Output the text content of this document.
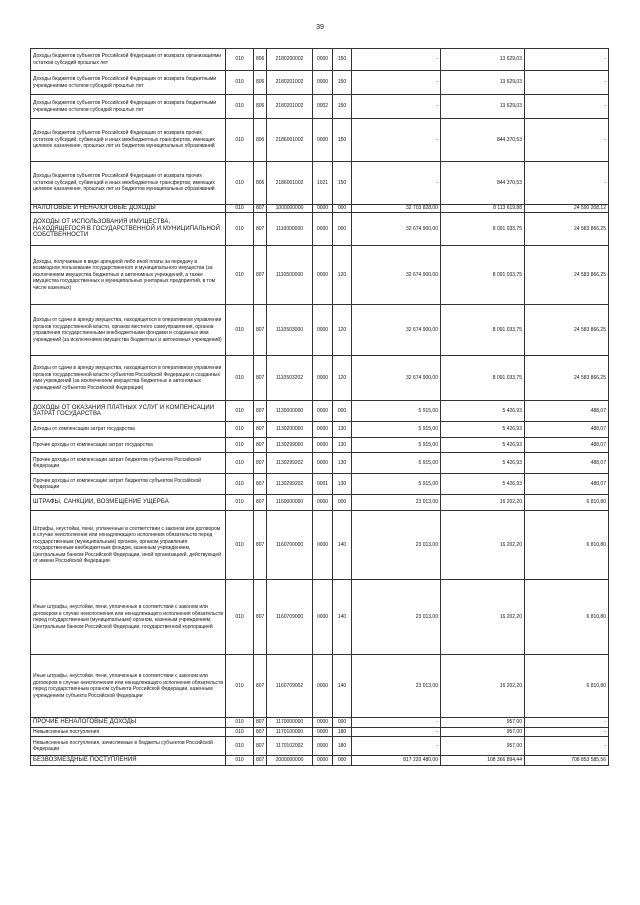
39
Доходы бюджетов субъектов Российской Федерации от возврата организациями остатков субсидий прошлых лет	010	806	2180200002	0000	150	-	13 629,03	-
Доходы бюджетов субъектов Российской Федерации от возврата бюджетными учреждениями остатков субсидий прошлых лет	010	806	2180201002	0000	150	-	13 629,03	-
Доходы бюджетов субъектов Российской Федерации от возврата бюджетными учреждениями остатков субсидий прошлых лет	010	806	2180201002	0002	150	-	13 629,03	-
Доходы бюджетов субъектов Российской Федерации от возврата прочих остатков субсидий, субвенций и иных межбюджетных трансфертов, имеющих целевое назначение, прошлых лет из бюджетов муниципальных образований	010	806	2186001002	0000	150	-	844 370,53	-
Доходы бюджетов субъектов Российской Федерации от возврата прочих остатков субсидий, субвенций и иных межбюджетных трансфертов, имеющих целевое назначение, прошлых лет из бюджетов муниципальных образований	010	806	2186001002	1021	150	-	844 370,53	-
НАЛОГОВЫЕ И НЕНАЛОГОВЫЕ ДОХОДЫ	010	807	1000000000	0000	000	32 703 828,00	8 113 619,88	24 590 208,12
ДОХОДЫ ОТ ИСПОЛЬЗОВАНИЯ ИМУЩЕСТВА, НАХОДЯЩЕГОСЯ В ГОСУДАРСТВЕННОЙ И МУНИЦИПАЛЬНОЙ СОБСТВЕННОСТИ	010	807	1110000000	0000	000	32 674 900,00	8 091 033,75	24 583 866,25
Доходы, получаемые в виде арендной либо иной платы за передачу в возмездное пользование государственного и муниципального имущества (за исключением имущества бюджетных и автономных учреждений, а также имущества государственных и муниципальных унитарных предприятий, в том числе казенных)	010	807	1110500000	0000	120	32 674 900,00	8 091 033,75	24 583 866,25
Доходы от сдачи в аренду имущества, находящегося в оперативном управлении органов государственной власти, органов местного самоуправления, органов управления государственными внебюджетными фондами и созданных ими учреждений (за исключением имущества бюджетных и автономных учреждений)	010	807	1110503000	0000	120	32 674 900,00	8 091 033,75	24 583 866,25
Доходы от сдачи в аренду имущества, находящегося в оперативном управлении органов государственной власти субъектов Российской Федерации и созданных ими учреждений (за исключением имущества бюджетных и автономных учреждений субъектов Российской Федерации)	010	807	1110503202	0000	120	32 674 900,00	8 091 033,75	24 583 866,25
ДОХОДЫ ОТ ОКАЗАНИЯ ПЛАТНЫХ УСЛУГ И КОМПЕНСАЦИИ ЗАТРАТ ГОСУДАРСТВА	010	807	1130000000	0000	000	5 915,00	5 426,93	488,07
Доходы от компенсации затрат государства	010	807	1130200000	0000	130	5 915,00	5 426,93	488,07
Прочие доходы от компенсации затрат государства	010	807	1130299000	0000	130	5 915,00	5 426,93	488,07
Прочие доходы от компенсации затрат бюджетов субъектов Российской Федерации	010	807	1130299202	0000	130	5 915,00	5 426,93	488,07
Прочие доходы от компенсации затрат бюджетов субъектов Российской Федерации	010	807	1130299202	0001	130	5 915,00	5 426,93	488,07
ШТРАФЫ, САНКЦИИ, ВОЗМЕЩЕНИЕ УЩЕРБА	010	807	1160000000	0000	000	23 013,00	16 202,20	6 810,80
Штрафы, неустойки, пени, уплаченные в соответствии с законом или договором в случае неисполнения или ненадлежащего исполнения обязательств перед государственным (муниципальным) органом, органом управления государственным внебюджетным фондом, казенным учреждением, Центральным банком Российской Федерации, иной организацией, действующей от имени Российской Федерации	010	807	1160700000	0000	140	23 013,00	16 202,20	6 810,80
Иные штрафы, неустойки, пени, уплаченные в соответствии с законом или договором в случае неисполнения или ненадлежащего исполнения обязательств перед государственным (муниципальным) органом, казенным учреждением, Центральным банком Российской Федерации, государственной корпорацией	010	807	1160709000	0000	140	23 013,00	16 202,20	6 810,80
Иные штрафы, неустойки, пени, уплаченные в соответствии с законом или договором в случае неисполнения или ненадлежащего исполнения обязательств перед государственным органом субъекта Российской Федерации, казенным учреждением субъекта Российской Федерации	010	807	1160709002	0000	140	23 013,00	16 202,20	6 810,80
ПРОЧИЕ НЕНАЛОГОВЫЕ ДОХОДЫ	010	807	1170000000	0000	000	-	957,00	-
Невыясненные поступления	010	807	1170100000	0000	180	-	957,00	-
Невыясненные поступления, зачисляемые в бюджеты субъектов Российской Федерации	010	807	1170102002	0000	180	-	957,00	-
БЕЗВОЗМЕЗДНЫЕ ПОСТУПЛЕНИЯ	010	807	2000000000	0000	000	817 220 480,00	108 366 894,44	708 853 585,56
